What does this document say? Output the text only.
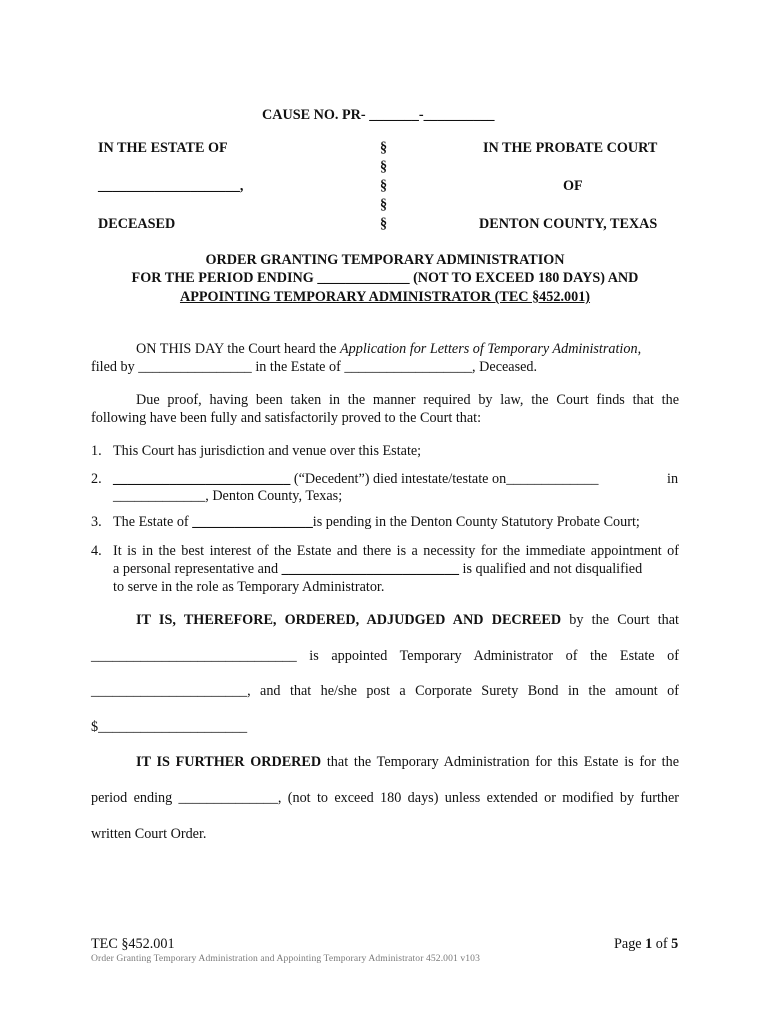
CAUSE NO. PR- _______-__________
IN THE ESTATE OF
____________________,
DECEASED
§
§
§
§
§
IN THE PROBATE COURT
OF
DENTON COUNTY, TEXAS
ORDER GRANTING TEMPORARY ADMINISTRATION
FOR THE PERIOD ENDING _____________ (NOT TO EXCEED 180 DAYS) AND
APPOINTING TEMPORARY ADMINISTRATOR (TEC §452.001)
ON THIS DAY the Court heard the Application for Letters of Temporary Administration,
filed by ________________ in the Estate of __________________, Deceased.
Due proof, having been taken in the manner required by law, the Court finds that the
following have been fully and satisfactorily proved to the Court that:
1. This Court has jurisdiction and venue over this Estate;
2. _________________________ (“Decedent”) died intestate/testate on_____________	in
_____________, Denton County, Texas;
3. The Estate of _________________is pending in the Denton County Statutory Probate Court;
4. It is in the best interest of the Estate and there is a necessity for the immediate appointment of
a personal representative and _________________________ is qualified and not disqualified
to serve in the role as Temporary Administrator.
IT IS, THEREFORE, ORDERED, ADJUDGED AND DECREED by the Court that
_____________________________ is appointed Temporary Administrator of the Estate of
______________________, and that he/she post a Corporate Surety Bond in the amount of
$_____________________
IT IS FURTHER ORDERED that the Temporary Administration for this Estate is for the
period ending ______________, (not to exceed 180 days) unless extended or modified by further
written Court Order.
TEC §452.001	Page 1 of 5
Order Granting Temporary Administration and Appointing Temporary Administrator 452.001 v103
